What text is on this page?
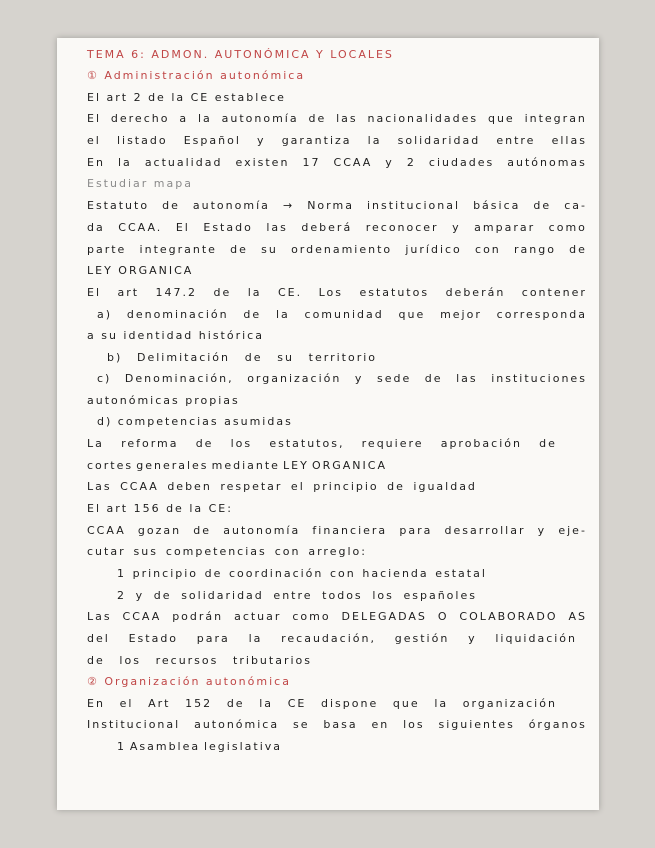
TEMA 6: ADMON. AUTONÓMICA Y LOCALES
① Administración autonómica
El art 2 de la CE establece
El derecho a la autonomía de las nacionalidades que integran
el listado Español y garantiza la solidaridad entre ellas
En la actualidad existen 17 CCAA y 2 ciudades autónomas
Estudiar mapa
Estatuto de autonomía → Norma institucional básica de ca-
da CCAA. El Estado las deberá reconocer y amparar como
parte integrante de su ordenamiento jurídico con rango de
LEY ORGANICA
El art 147.2 de la CE. Los estatutos deberán contener
a) denominación de la comunidad que mejor corresponda
a su identidad histórica
b) Delimitación de su territorio
c) Denominación, organización y sede de las instituciones
autonómicas propias
d) competencias asumidas
La reforma de los estatutos, requiere aprobación de
cortes generales mediante LEY ORGANICA
Las CCAA deben respetar el principio de igualdad
El art 156 de la CE:
CCAA gozan de autonomía financiera para desarrollar y eje-
cutar sus competencias con arreglo:
1 principio de coordinación con hacienda estatal
2 y de solidaridad entre todos los españoles
Las CCAA podrán actuar como DELEGADAS O COLABORADO AS
del Estado para la recaudación, gestión y liquidación
de los recursos tributarios
② Organización autonómica
En el Art 152 de la CE dispone que la organización
Institucional autonómica se basa en los siguientes órganos
1 Asamblea legislativa
